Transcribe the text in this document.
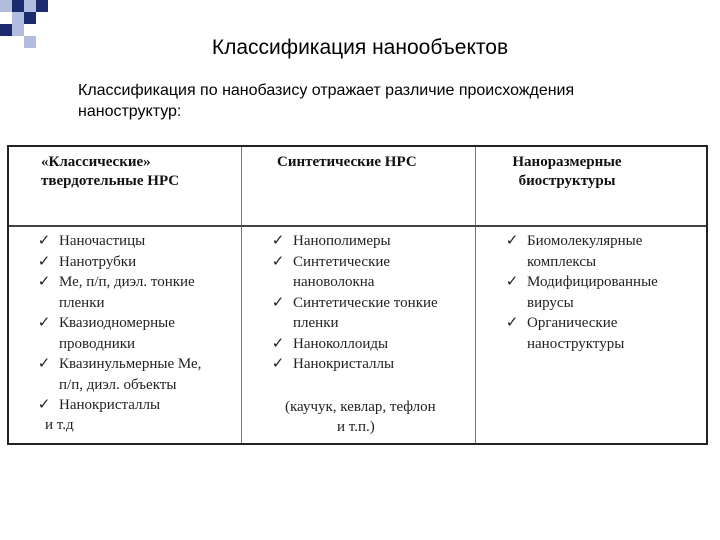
Классификация нанообъектов
Классификация по нанобазису отражает различие происхождения наноструктур:
«Классические» твердотельные НРС
Синтетические НРС	Наноразмерные биоструктуры
✓ Наночастицы
✓ Нанотрубки
✓ Ме, п/п, диэл. тонкие
пленки
✓ Квазиодномерные
проводники
✓ Квазинульмерные Ме,
п/п, диэл. объекты
✓ Нанокристаллы
✓ Нанополимеры
✓ Синтетические
нановолокна
✓ Синтетические тонкие
пленки
✓ Наноколлоиды
✓ Нанокристаллы
✓ Биомолекулярные
комплексы
✓ Модифицированные
вирусы
✓ Органические
наноструктуры
и т.д
(каучук, кевлар, тефлон
и т.п.)
